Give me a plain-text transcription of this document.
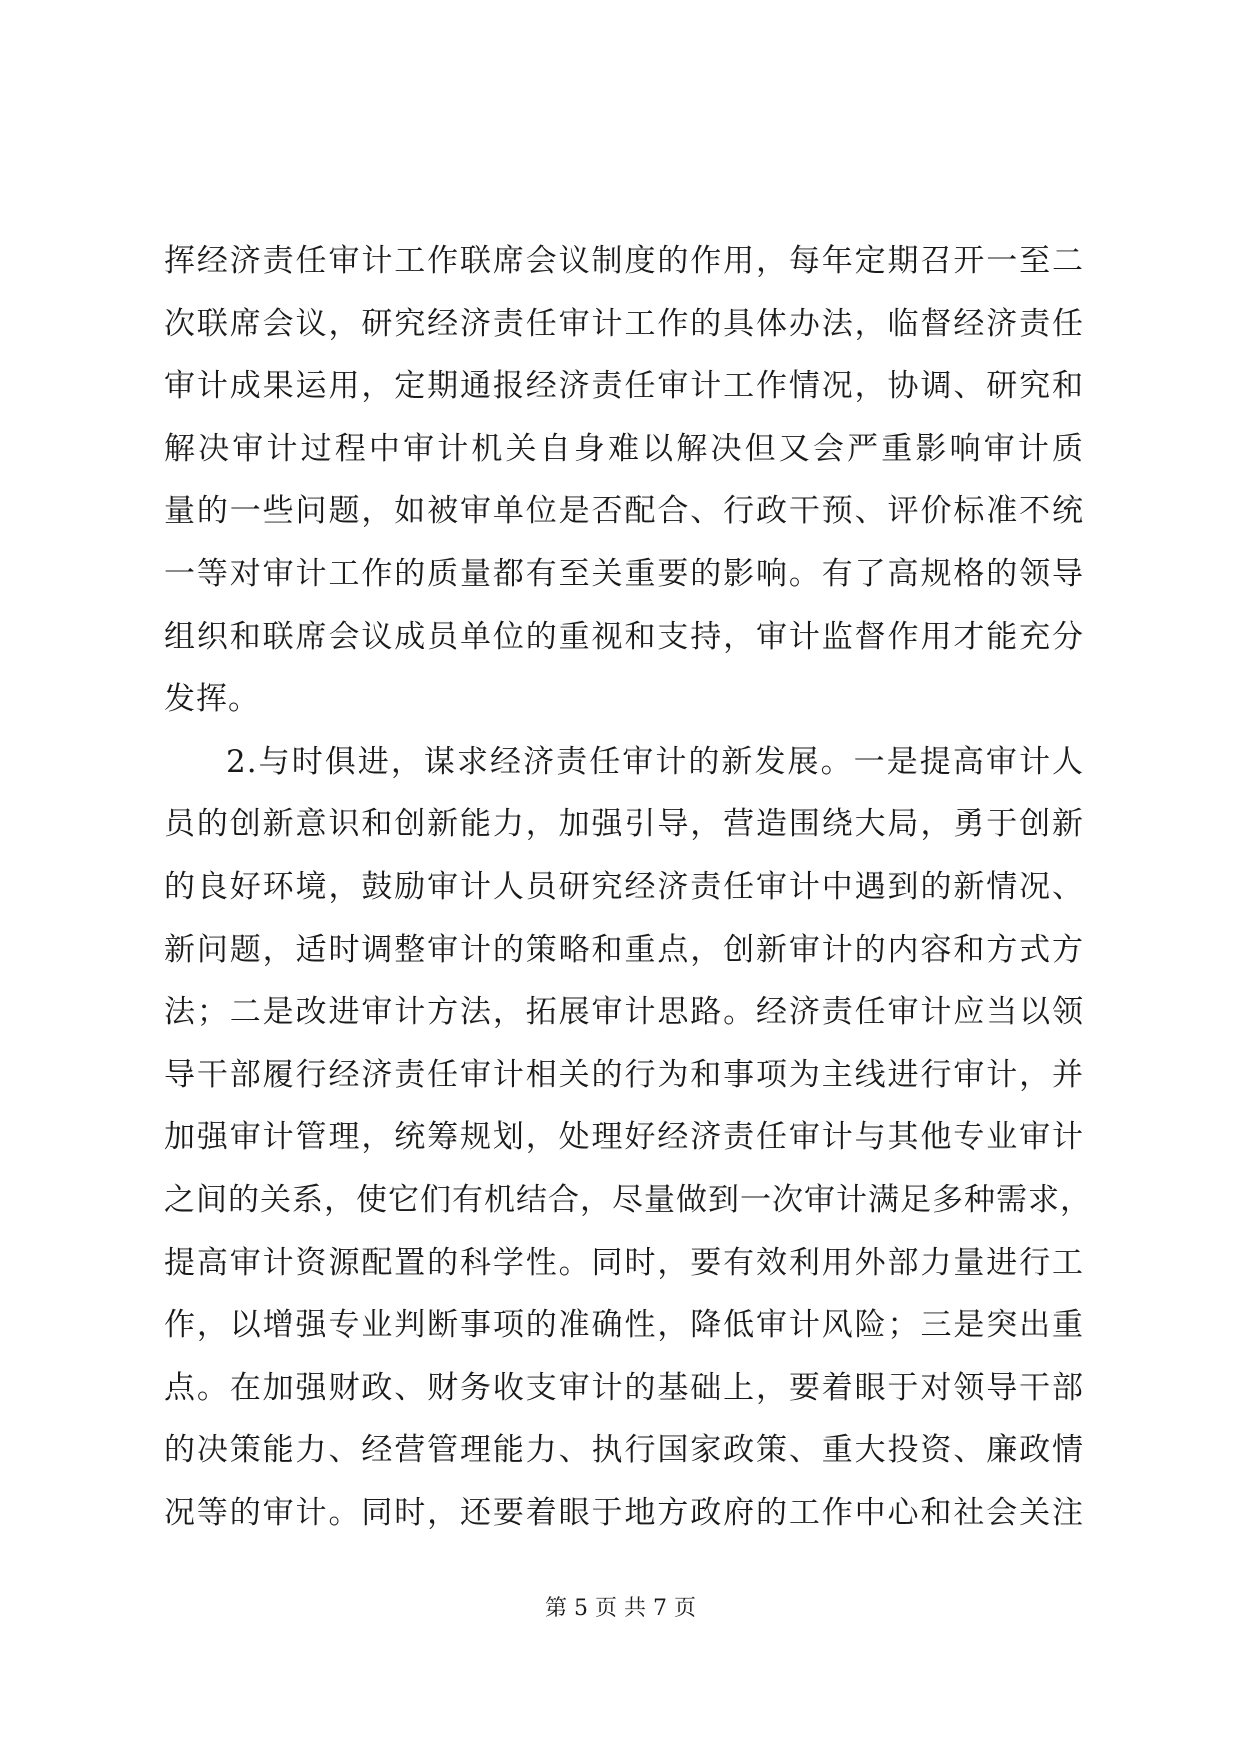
挥经济责任审计工作联席会议制度的作用，每年定期召开一至二
次联席会议，研究经济责任审计工作的具体办法，临督经济责任
审计成果运用，定期通报经济责任审计工作情况，协调、研究和
解决审计过程中审计机关自身难以解决但又会严重影响审计质
量的一些问题，如被审单位是否配合、行政干预、评价标准不统
一等对审计工作的质量都有至关重要的影响。有了高规格的领导
组织和联席会议成员单位的重视和支持，审计监督作用才能充分
发挥。
2.与时俱进，谋求经济责任审计的新发展。一是提高审计人
员的创新意识和创新能力，加强引导，营造围绕大局，勇于创新
的良好环境，鼓励审计人员研究经济责任审计中遇到的新情况、
新问题，适时调整审计的策略和重点，创新审计的内容和方式方
法；二是改进审计方法，拓展审计思路。经济责任审计应当以领
导干部履行经济责任审计相关的行为和事项为主线进行审计，并
加强审计管理，统筹规划，处理好经济责任审计与其他专业审计
之间的关系，使它们有机结合，尽量做到一次审计满足多种需求，
提高审计资源配置的科学性。同时，要有效利用外部力量进行工
作，以增强专业判断事项的准确性，降低审计风险；三是突出重
点。在加强财政、财务收支审计的基础上，要着眼于对领导干部
的决策能力、经营管理能力、执行国家政策、重大投资、廉政情
况等的审计。同时，还要着眼于地方政府的工作中心和社会关注
第 5 页 共 7 页
